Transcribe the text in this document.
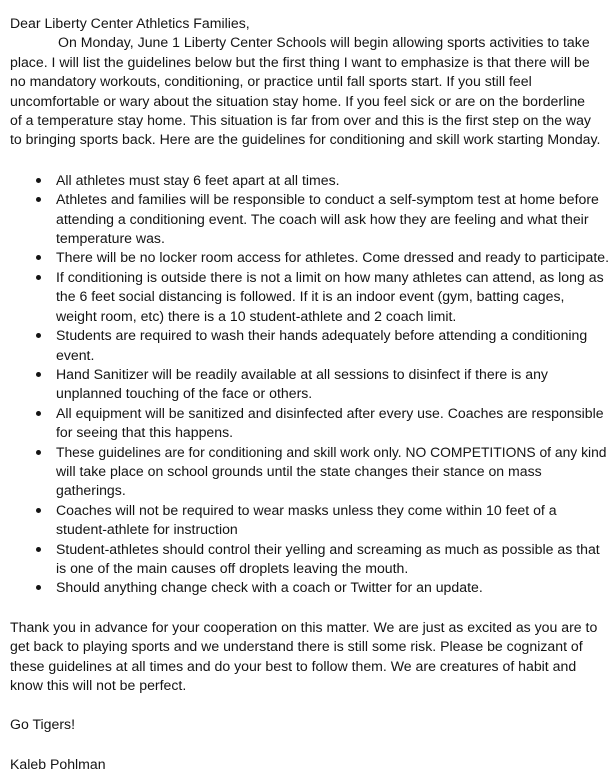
Dear Liberty Center Athletics Families,
On Monday, June 1 Liberty Center Schools will begin allowing sports activities to take
place. I will list the guidelines below but the first thing I want to emphasize is that there will be
no mandatory workouts, conditioning, or practice until fall sports start. If you still feel
uncomfortable or wary about the situation stay home. If you feel sick or are on the borderline
of a temperature stay home. This situation is far from over and this is the first step on the way
to bringing sports back. Here are the guidelines for conditioning and skill work starting Monday.
All athletes must stay 6 feet apart at all times.
Athletes and families will be responsible to conduct a self-symptom test at home before
attending a conditioning event. The coach will ask how they are feeling and what their
temperature was.
There will be no locker room access for athletes. Come dressed and ready to participate.
If conditioning is outside there is not a limit on how many athletes can attend, as long as
the 6 feet social distancing is followed. If it is an indoor event (gym, batting cages,
weight room, etc) there is a 10 student-athlete and 2 coach limit.
Students are required to wash their hands adequately before attending a conditioning
event.
Hand Sanitizer will be readily available at all sessions to disinfect if there is any
unplanned touching of the face or others.
All equipment will be sanitized and disinfected after every use. Coaches are responsible
for seeing that this happens.
These guidelines are for conditioning and skill work only. NO COMPETITIONS of any kind
will take place on school grounds until the state changes their stance on mass
gatherings.
Coaches will not be required to wear masks unless they come within 10 feet of a
student-athlete for instruction
Student-athletes should control their yelling and screaming as much as possible as that
is one of the main causes off droplets leaving the mouth.
Should anything change check with a coach or Twitter for an update.
Thank you in advance for your cooperation on this matter. We are just as excited as you are to
get back to playing sports and we understand there is still some risk. Please be cognizant of
these guidelines at all times and do your best to follow them. We are creatures of habit and
know this will not be perfect.
Go Tigers!
Kaleb Pohlman
